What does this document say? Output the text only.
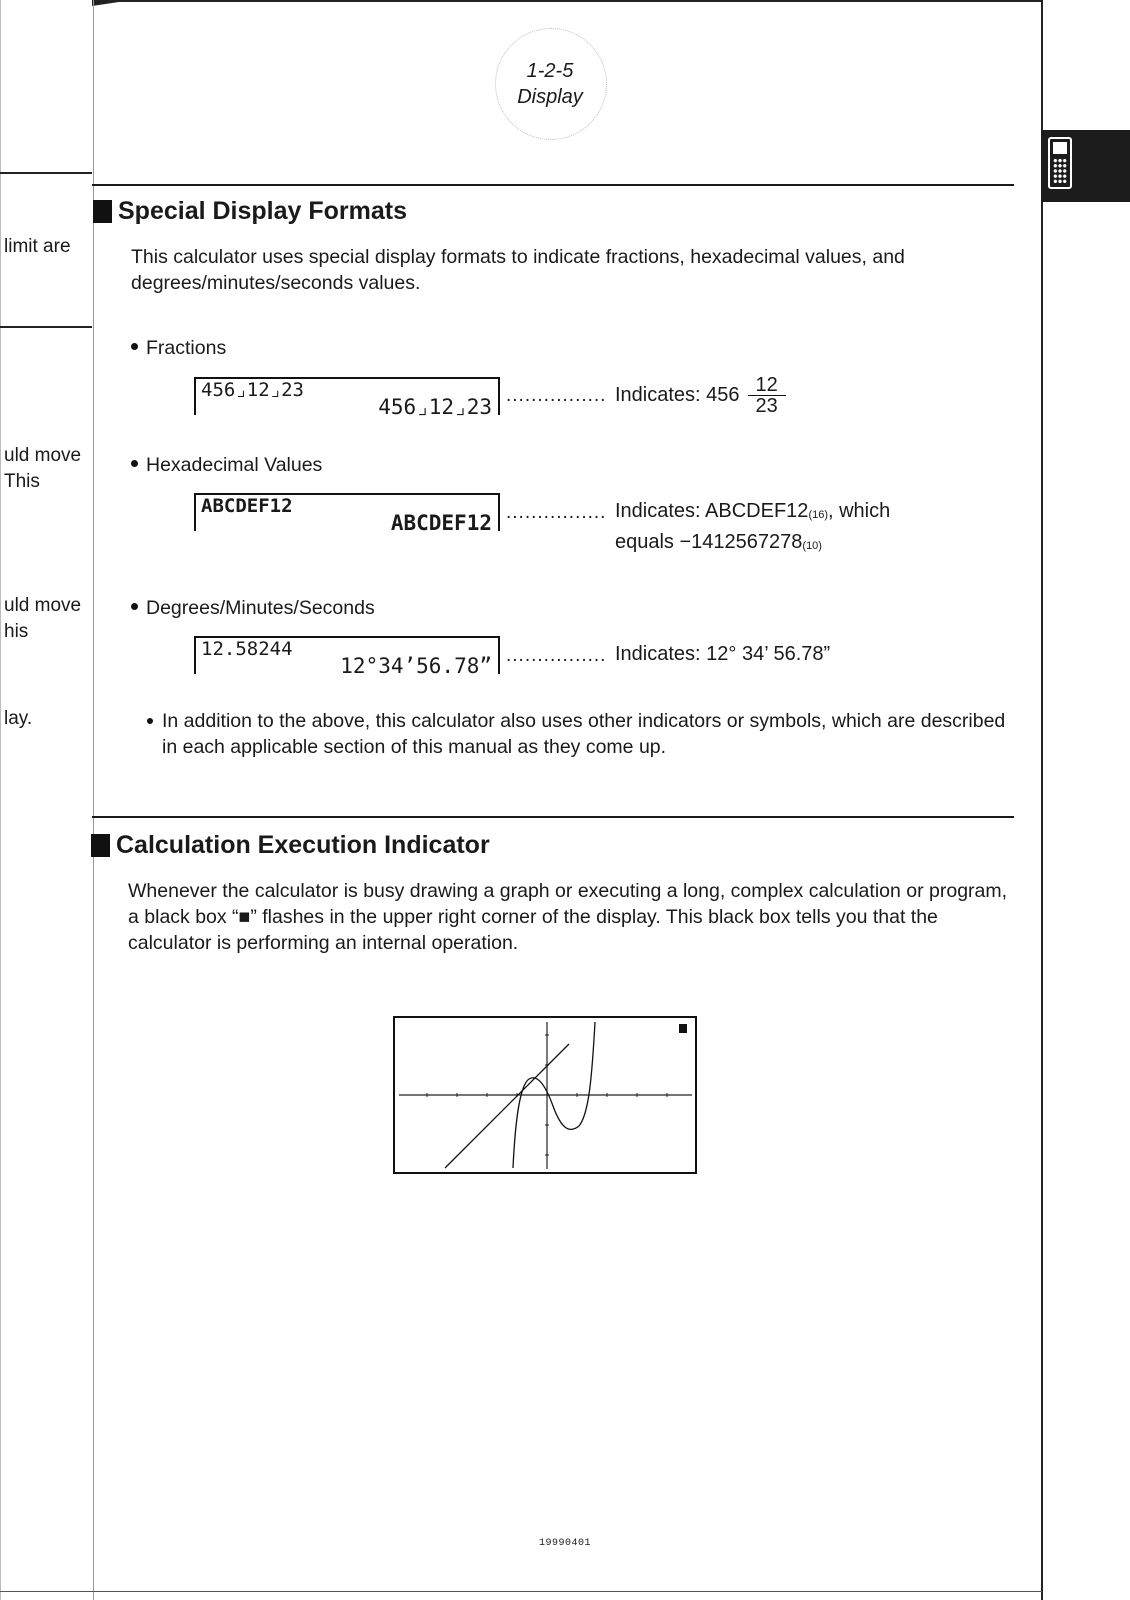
limit are
uld move
This
uld move
his
lay.
1-2-5
Display
Special Display Formats
This calculator uses special display formats to indicate fractions, hexadecimal values, and degrees/minutes/seconds values.
Fractions
456⌟12⌟23
456⌟12⌟23 ................ Indicates: $456 \frac{12}{23}$
Hexadecimal Values
ABCDEF12
ABCDEF12 ................ Indicates: $ABCDEF12_{(16)}$, which
equals $-1412567278_{(10)}$
Degrees/Minutes/Seconds
12.58244
12°34’56.78” ................ Indicates: 12° 34’ 56.78”
In addition to the above, this calculator also uses other indicators or symbols, which are described in each applicable section of this manual as they come up.
Calculation Execution Indicator
Whenever the calculator is busy drawing a graph or executing a long, complex calculation or program, a black box “■” flashes in the upper right corner of the display. This black box tells you that the calculator is performing an internal operation.
19990401
